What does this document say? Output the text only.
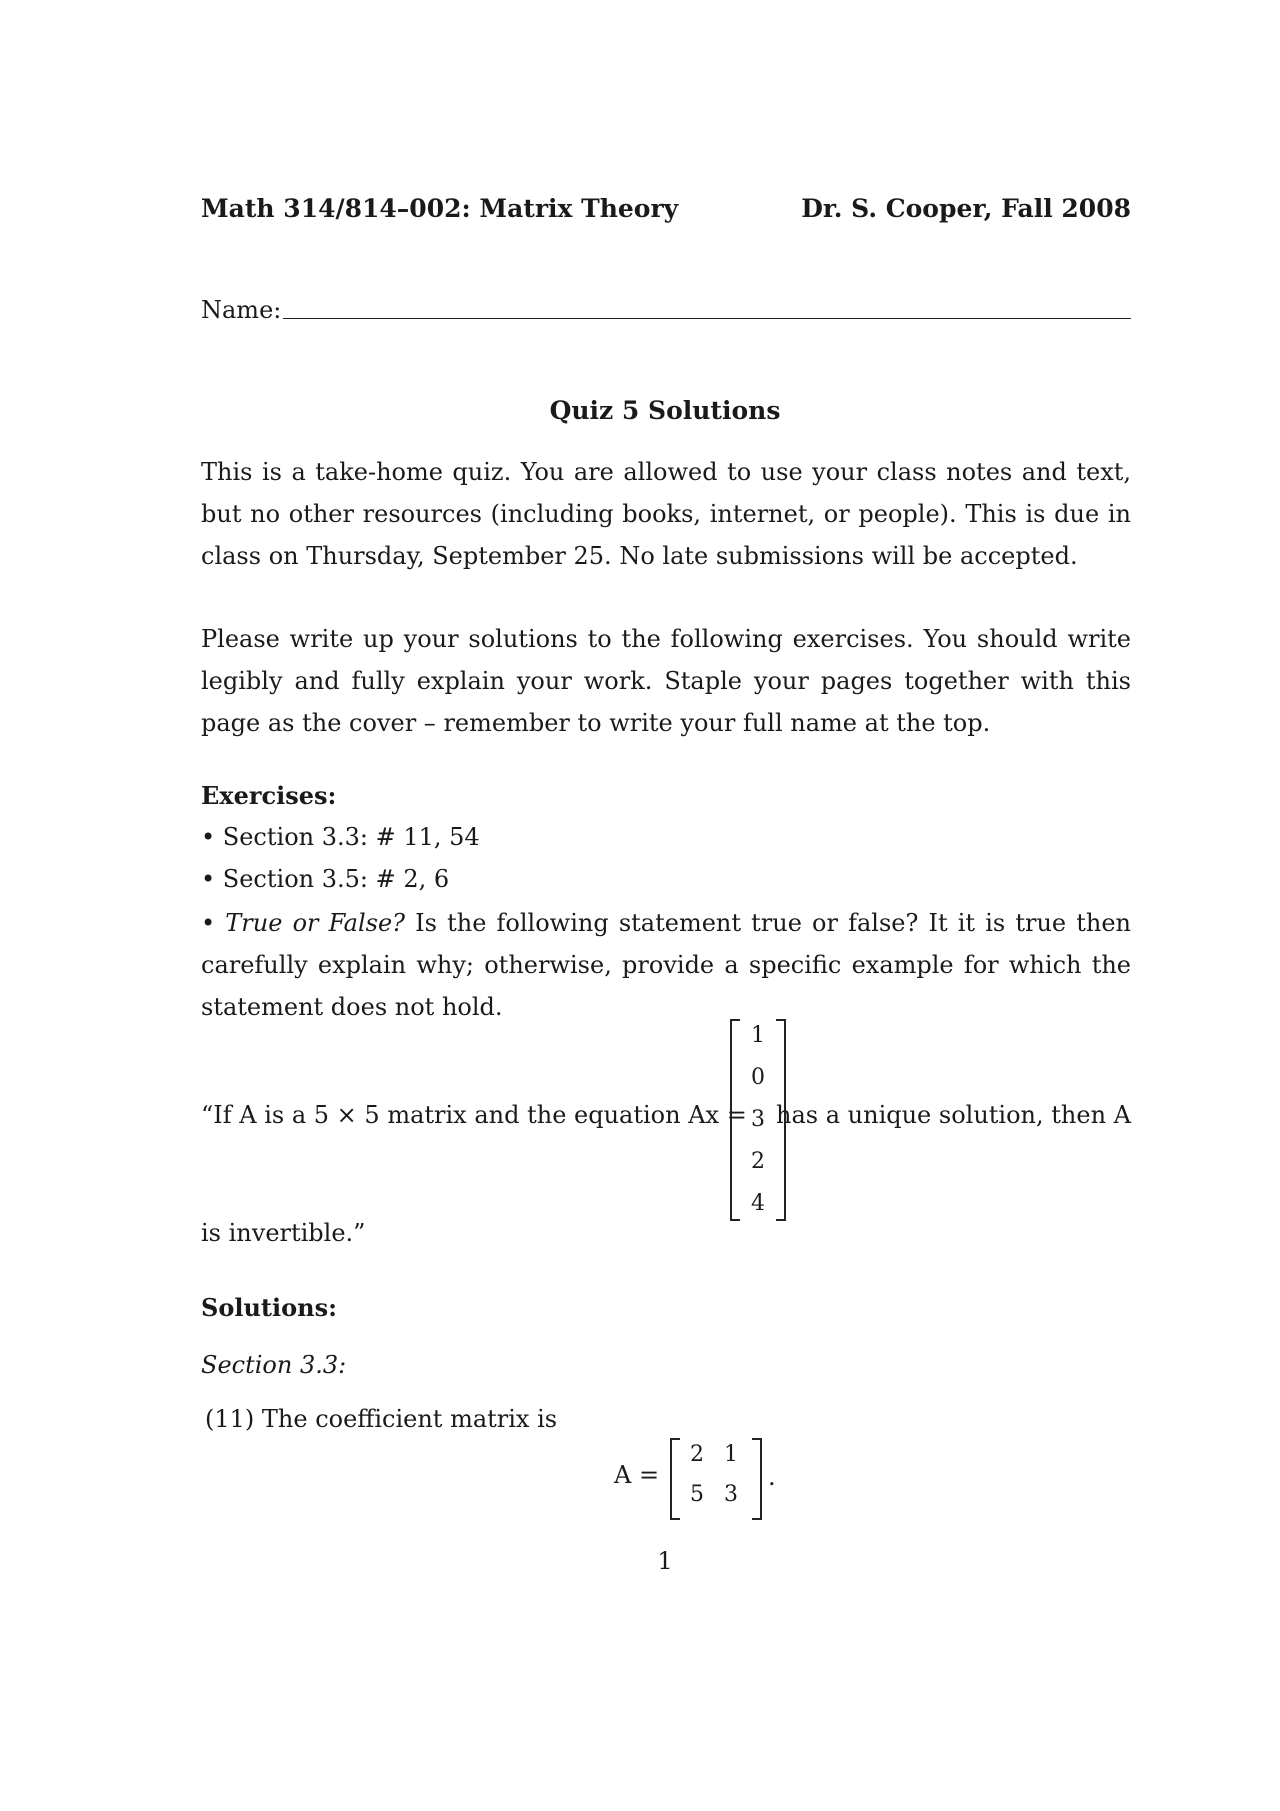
Math 314/814–002: Matrix Theory	Dr. S. Cooper, Fall 2008
Name:
Quiz 5 Solutions
This is a take-home quiz. You are allowed to use your class notes and text, but no other resources (including books, internet, or people). This is due in class on Thursday, September 25. No late submissions will be accepted.
Please write up your solutions to the following exercises. You should write legibly and fully explain your work. Staple your pages together with this page as the cover – remember to write your full name at the top.
Exercises:
• Section 3.3: # 11, 54
• Section 3.5: # 2, 6
• True or False? Is the following statement true or false? It it is true then carefully explain why; otherwise, provide a specific example for which the statement does not hold.
“If A is a 5 × 5 matrix and the equation Ax =
1
0
3
2
4
has a unique solution, then A
is invertible.”
Solutions:
Section 3.3:
(11) The coefficient matrix is
A =
2 1
5 3
.
1
